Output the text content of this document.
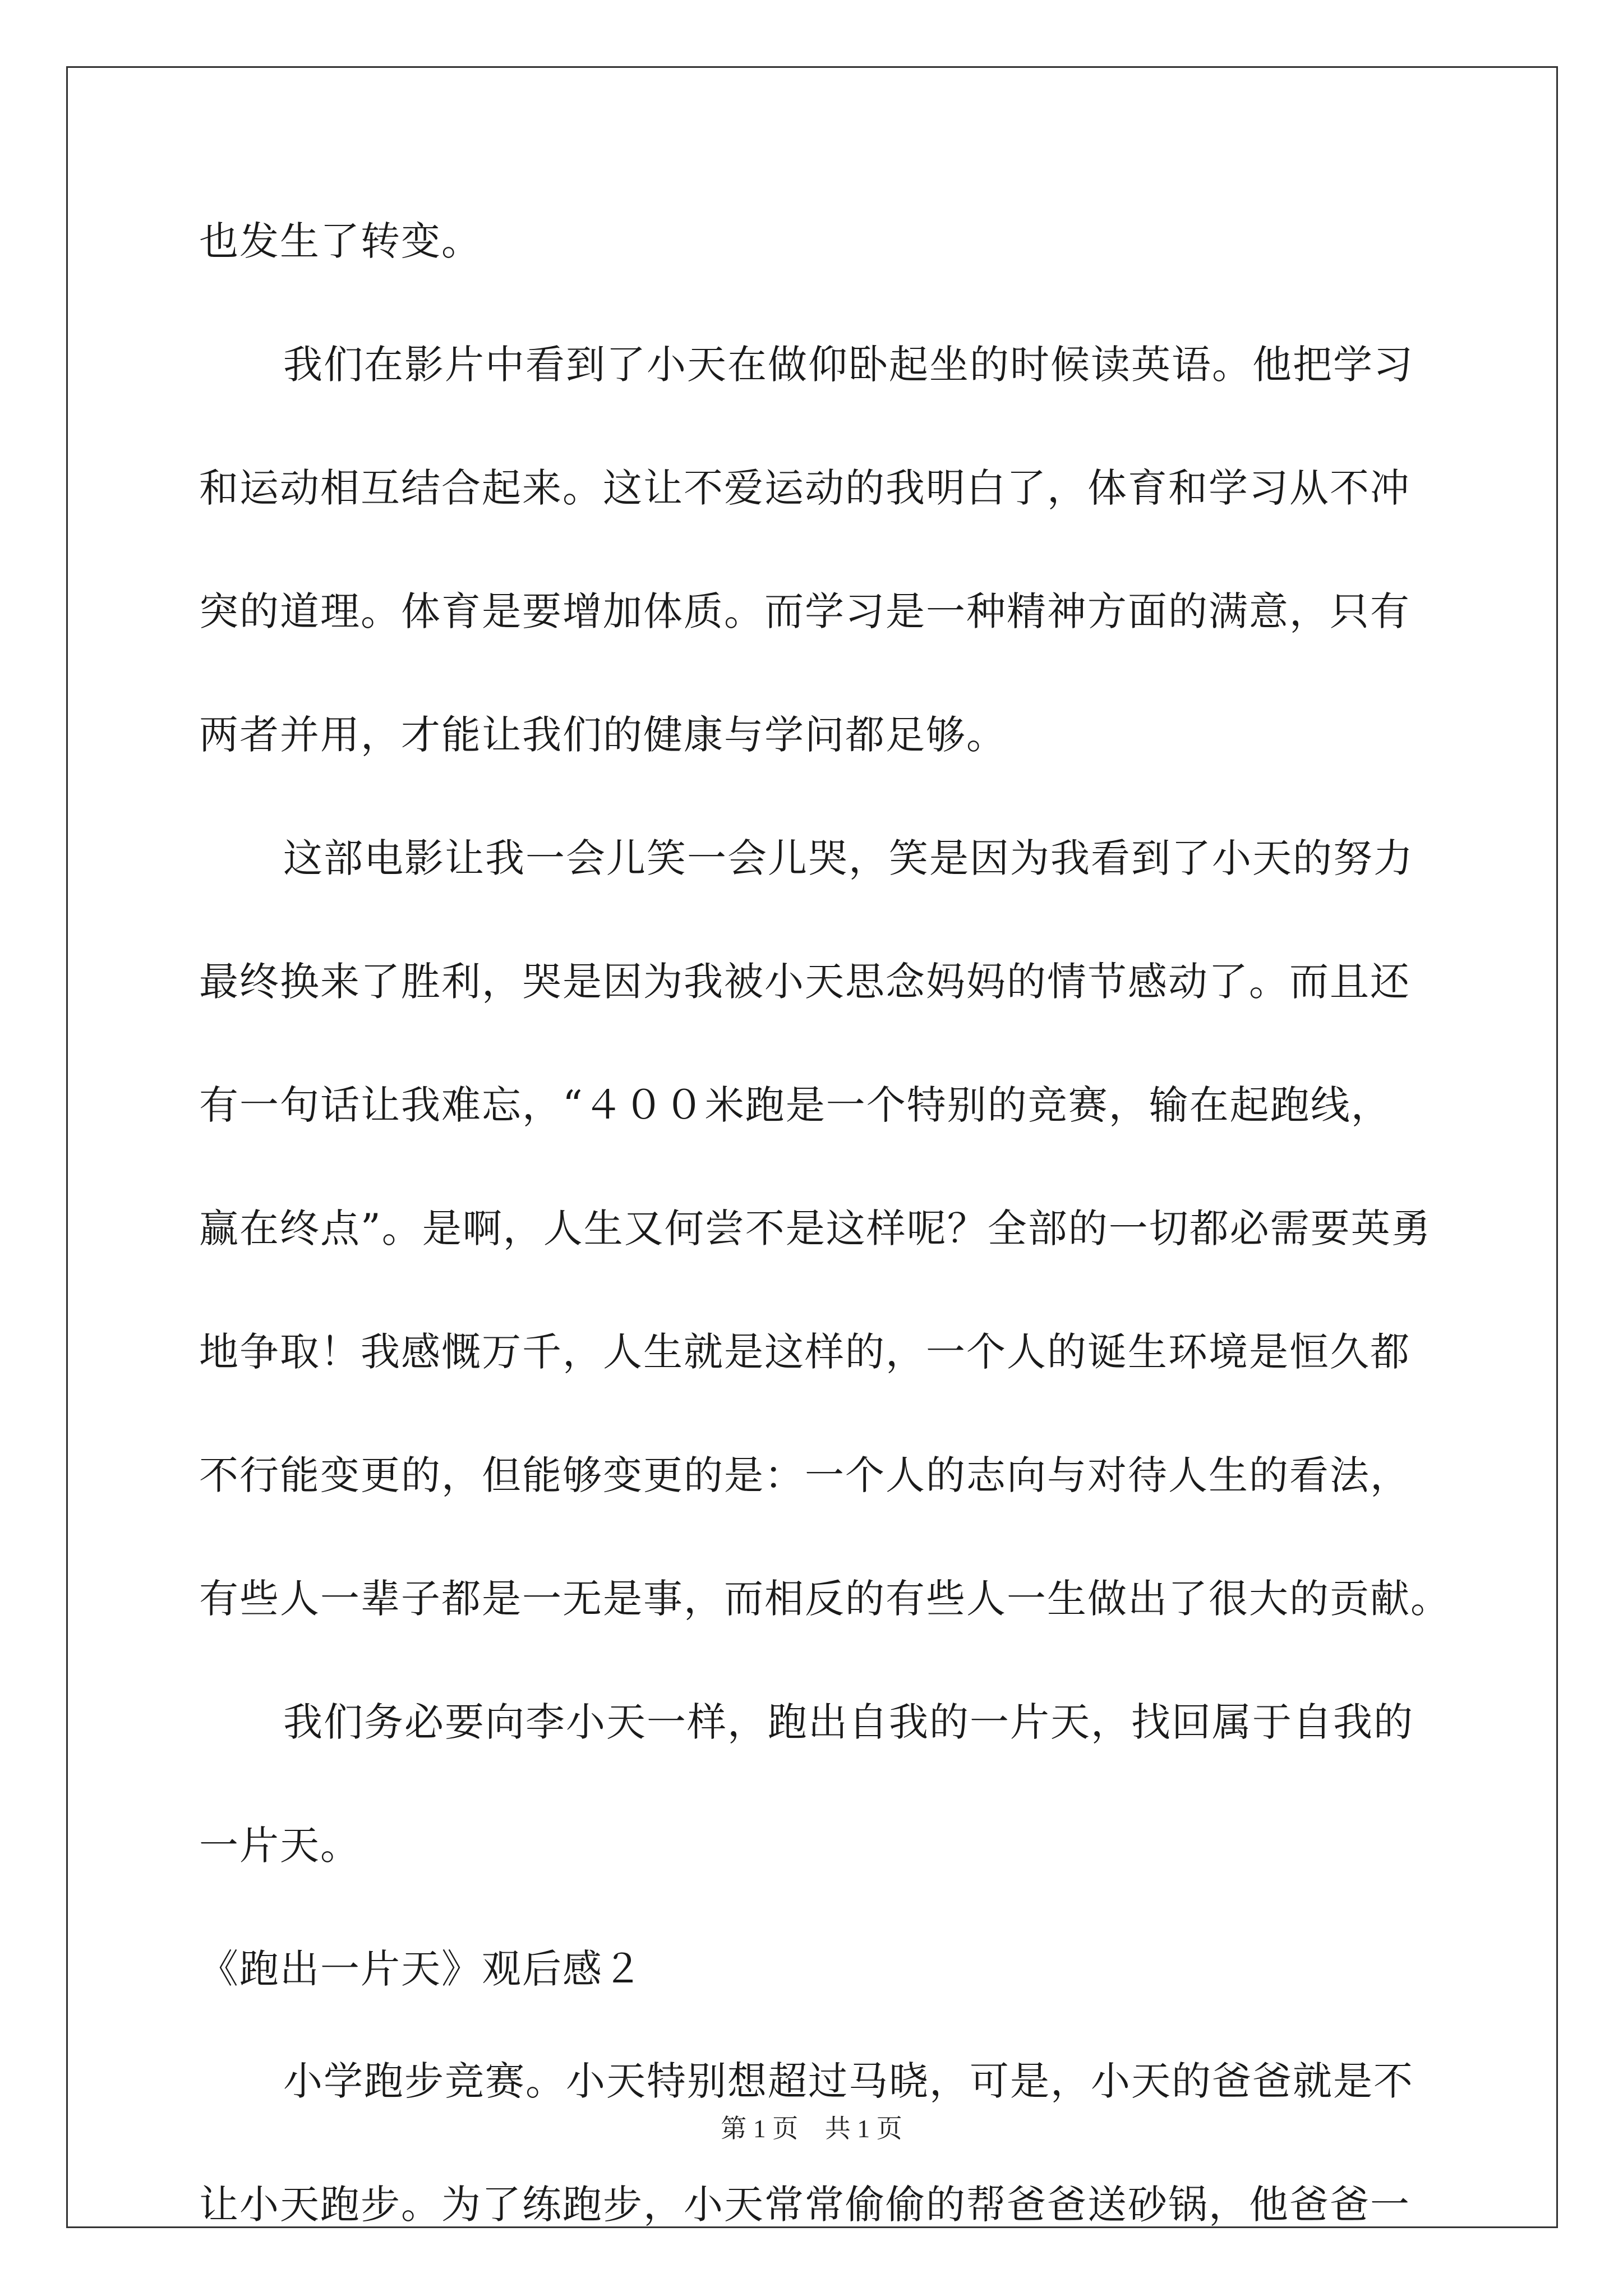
也发生了转变。
我们在影片中看到了小天在做仰卧起坐的时候读英语。他把学习
和运动相互结合起来。这让不爱运动的我明白了，体育和学习从不冲
突的道理。体育是要增加体质。而学习是一种精神方面的满意，只有
两者并用，才能让我们的健康与学问都足够。
这部电影让我一会儿笑一会儿哭，笑是因为我看到了小天的努力
最终换来了胜利，哭是因为我被小天思念妈妈的情节感动了。而且还
有一句话让我难忘，“４００米跑是一个特别的竞赛，输在起跑线，
赢在终点”。是啊，人生又何尝不是这样呢？全部的一切都必需要英勇
地争取！我感慨万千，人生就是这样的，一个人的诞生环境是恒久都
不行能变更的，但能够变更的是：一个人的志向与对待人生的看法，
有些人一辈子都是一无是事，而相反的有些人一生做出了很大的贡献。
我们务必要向李小天一样，跑出自我的一片天，找回属于自我的
一片天。
《跑出一片天》观后感２
小学跑步竞赛。小天特别想超过马晓，可是，小天的爸爸就是不
让小天跑步。为了练跑步，小天常常偷偷的帮爸爸送砂锅，他爸爸一
第 1 页 共 1 页
